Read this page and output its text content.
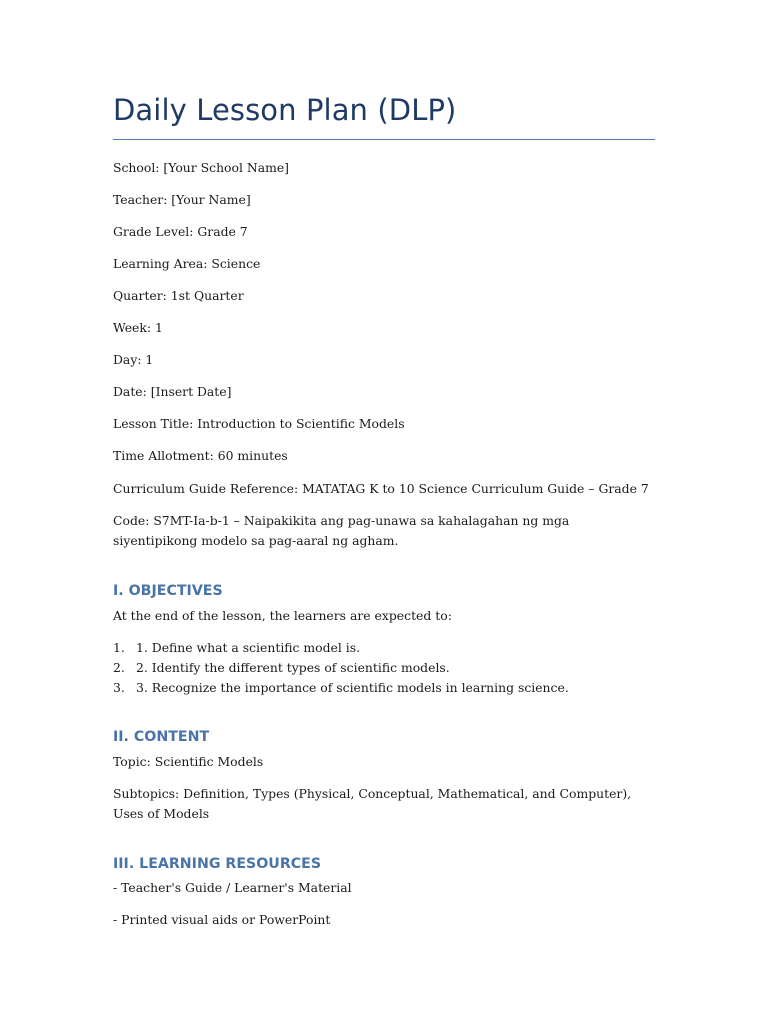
Daily Lesson Plan (DLP)

School: [Your School Name]

Teacher: [Your Name]

Grade Level: Grade 7

Learning Area: Science

Quarter: 1st Quarter

Week: 1

Day: 1

Date: [Insert Date]

Lesson Title: Introduction to Scientific Models

Time Allotment: 60 minutes

Curriculum Guide Reference: MATATAG K to 10 Science Curriculum Guide – Grade 7

Code: S7MT-Ia-b-1 – Naipakikita ang pag-unawa sa kahalagahan ng mga siyentipikong modelo sa pag-aaral ng agham.

I. OBJECTIVES

At the end of the lesson, the learners are expected to:

1. 1. Define what a scientific model is.
2. 2. Identify the different types of scientific models.
3. 3. Recognize the importance of scientific models in learning science.
II. CONTENT

Topic: Scientific Models

Subtopics: Definition, Types (Physical, Conceptual, Mathematical, and Computer), Uses of Models

III. LEARNING RESOURCES

- Teacher's Guide / Learner's Material

- Printed visual aids or PowerPoint
